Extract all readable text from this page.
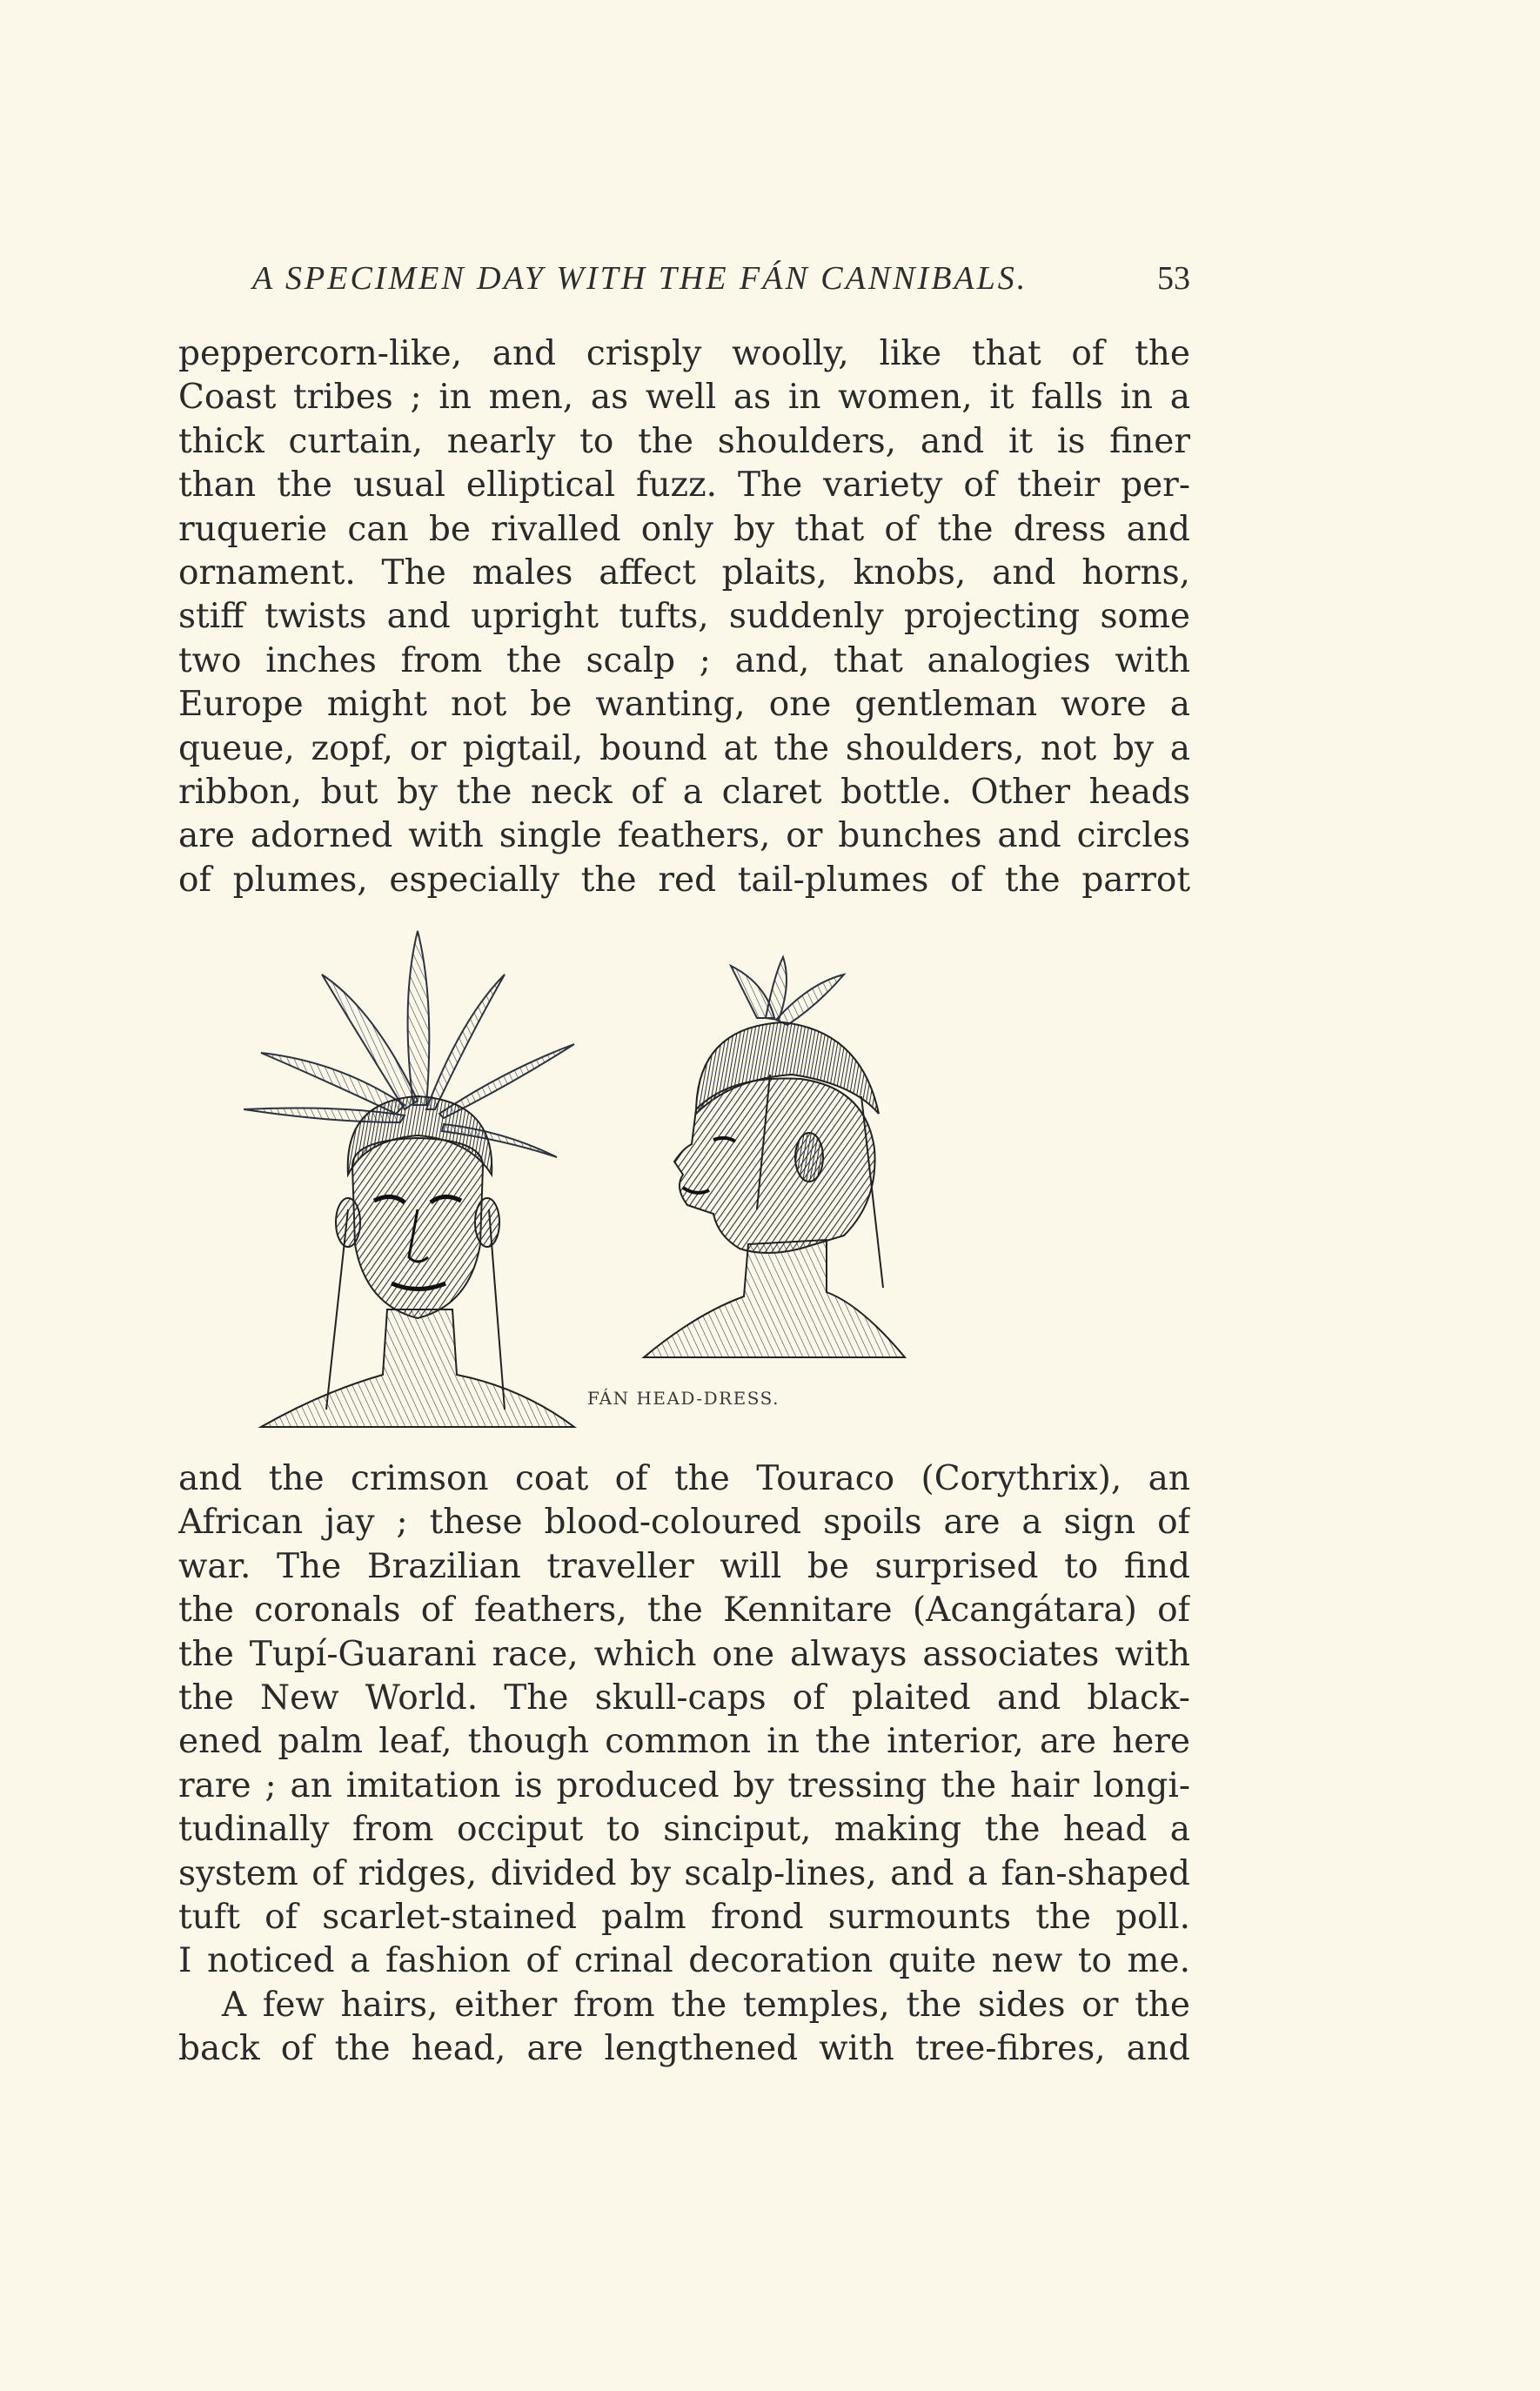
A SPECIMEN DAY WITH THE FÁN CANNIBALS.	53
peppercorn-like, and crisply woolly, like that of the
Coast tribes ; in men, as well as in women, it falls in a
thick curtain, nearly to the shoulders, and it is finer
than the usual elliptical fuzz. The variety of their per-
ruquerie can be rivalled only by that of the dress and
ornament. The males affect plaits, knobs, and horns,
stiff twists and upright tufts, suddenly projecting some
two inches from the scalp ; and, that analogies with
Europe might not be wanting, one gentleman wore a
queue, zopf, or pigtail, bound at the shoulders, not by a
ribbon, but by the neck of a claret bottle. Other heads
are adorned with single feathers, or bunches and circles
of plumes, especially the red tail-plumes of the parrot
FÁN HEAD-DRESS.
and the crimson coat of the Touraco (Corythrix), an
African jay ; these blood-coloured spoils are a sign of
war. The Brazilian traveller will be surprised to find
the coronals of feathers, the Kennitare (Acangátara) of
the Tupí-Guarani race, which one always associates with
the New World. The skull-caps of plaited and black-
ened palm leaf, though common in the interior, are here
rare ; an imitation is produced by tressing the hair longi-
tudinally from occiput to sinciput, making the head a
system of ridges, divided by scalp-lines, and a fan-shaped
tuft of scarlet-stained palm frond surmounts the poll.
I noticed a fashion of crinal decoration quite new to me.
A few hairs, either from the temples, the sides or the
back of the head, are lengthened with tree-fibres, and
